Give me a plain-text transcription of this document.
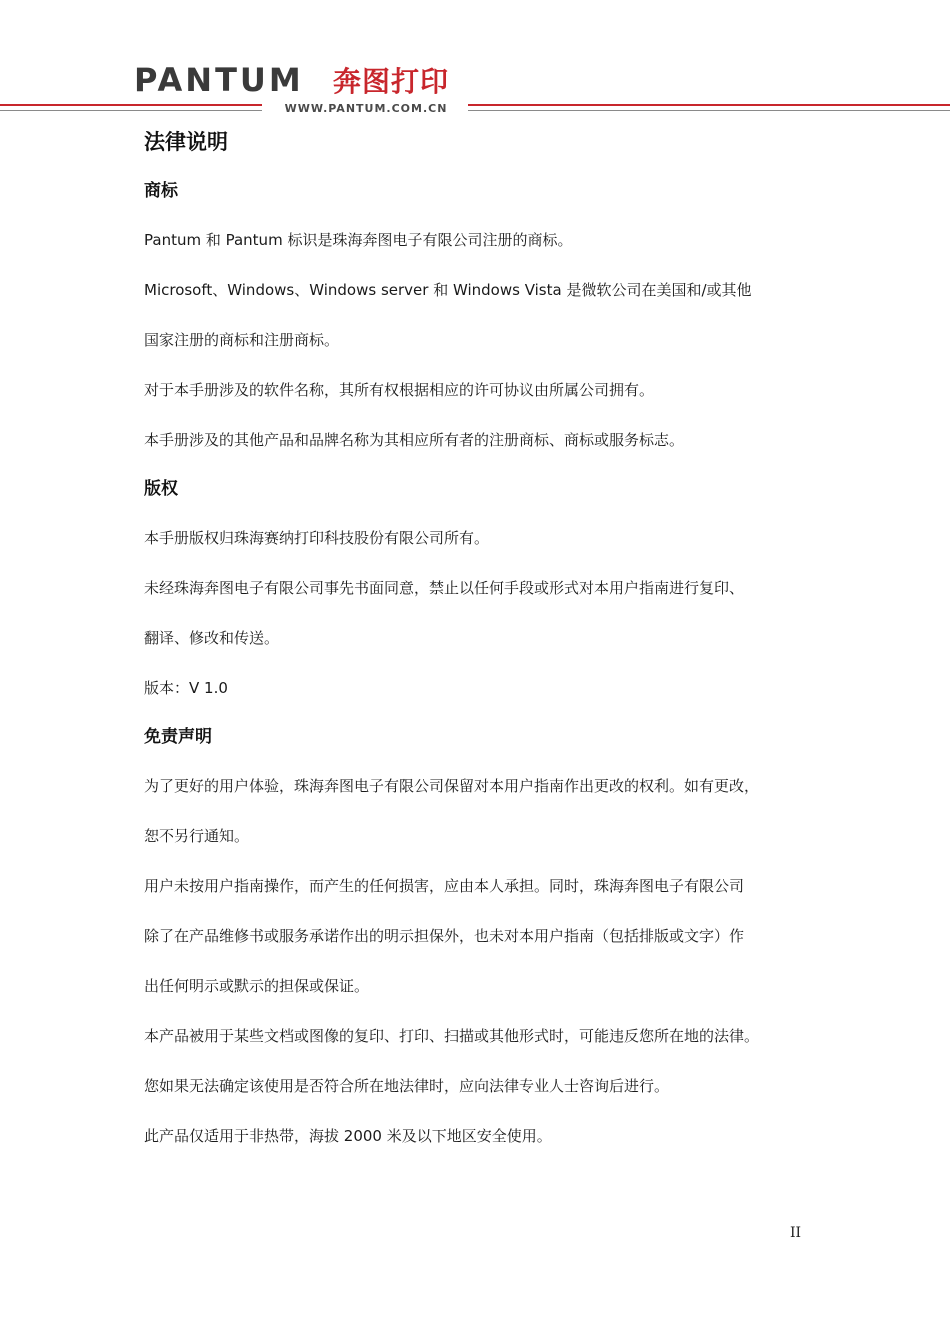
PANTUM 奔图打印
WWW.PANTUM.COM.CN
法律说明
商标
Pantum 和 Pantum 标识是珠海奔图电子有限公司注册的商标。
Microsoft、Windows、Windows server 和 Windows Vista 是微软公司在美国和/或其他
国家注册的商标和注册商标。
对于本手册涉及的软件名称，其所有权根据相应的许可协议由所属公司拥有。
本手册涉及的其他产品和品牌名称为其相应所有者的注册商标、商标或服务标志。
版权
本手册版权归珠海赛纳打印科技股份有限公司所有。
未经珠海奔图电子有限公司事先书面同意，禁止以任何手段或形式对本用户指南进行复印、
翻译、修改和传送。
版本：V 1.0
免责声明
为了更好的用户体验，珠海奔图电子有限公司保留对本用户指南作出更改的权利。如有更改，
恕不另行通知。
用户未按用户指南操作，而产生的任何损害，应由本人承担。同时，珠海奔图电子有限公司
除了在产品维修书或服务承诺作出的明示担保外，也未对本用户指南（包括排版或文字）作
出任何明示或默示的担保或保证。
本产品被用于某些文档或图像的复印、打印、扫描或其他形式时，可能违反您所在地的法律。
您如果无法确定该使用是否符合所在地法律时，应向法律专业人士咨询后进行。
此产品仅适用于非热带，海拔 2000 米及以下地区安全使用。
II
